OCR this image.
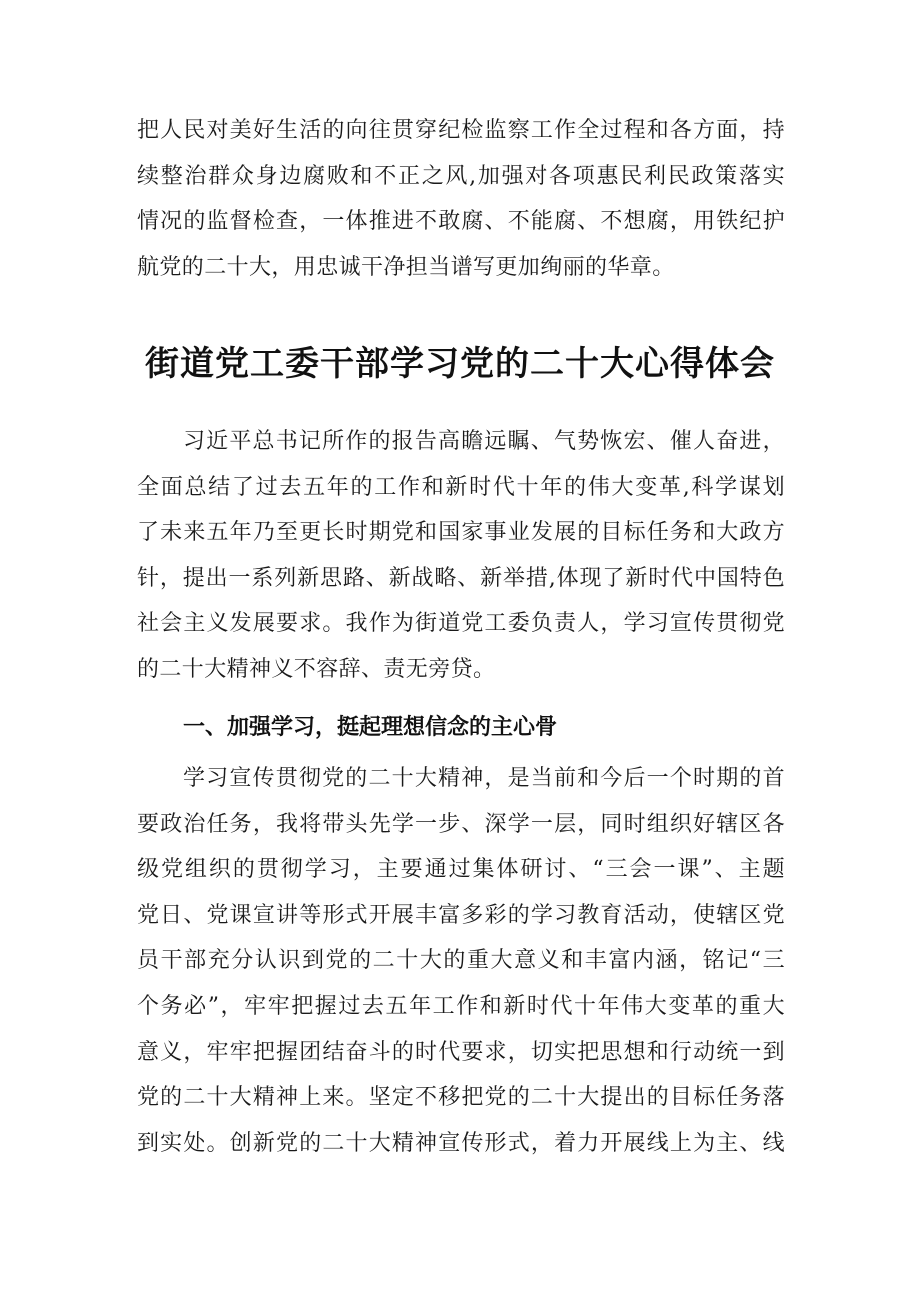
把人民对美好生活的向往贯穿纪检监察工作全过程和各方面，持
续整治群众身边腐败和不正之风,加强对各项惠民利民政策落实
情况的监督检查，一体推进不敢腐、不能腐、不想腐，用铁纪护
航党的二十大，用忠诚干净担当谱写更加绚丽的华章。
街道党工委干部学习党的二十大心得体会
习近平总书记所作的报告高瞻远瞩、气势恢宏、催人奋进，
全面总结了过去五年的工作和新时代十年的伟大变革,科学谋划
了未来五年乃至更长时期党和国家事业发展的目标任务和大政方
针，提出一系列新思路、新战略、新举措,体现了新时代中国特色
社会主义发展要求。我作为街道党工委负责人，学习宣传贯彻党
的二十大精神义不容辞、责无旁贷。
一、加强学习，挺起理想信念的主心骨
学习宣传贯彻党的二十大精神，是当前和今后一个时期的首
要政治任务，我将带头先学一步、深学一层，同时组织好辖区各
级党组织的贯彻学习，主要通过集体研讨、“三会一课”、主题
党日、党课宣讲等形式开展丰富多彩的学习教育活动，使辖区党
员干部充分认识到党的二十大的重大意义和丰富内涵，铭记“三
个务必”，牢牢把握过去五年工作和新时代十年伟大变革的重大
意义，牢牢把握团结奋斗的时代要求，切实把思想和行动统一到
党的二十大精神上来。坚定不移把党的二十大提出的目标任务落
到实处。创新党的二十大精神宣传形式，着力开展线上为主、线
